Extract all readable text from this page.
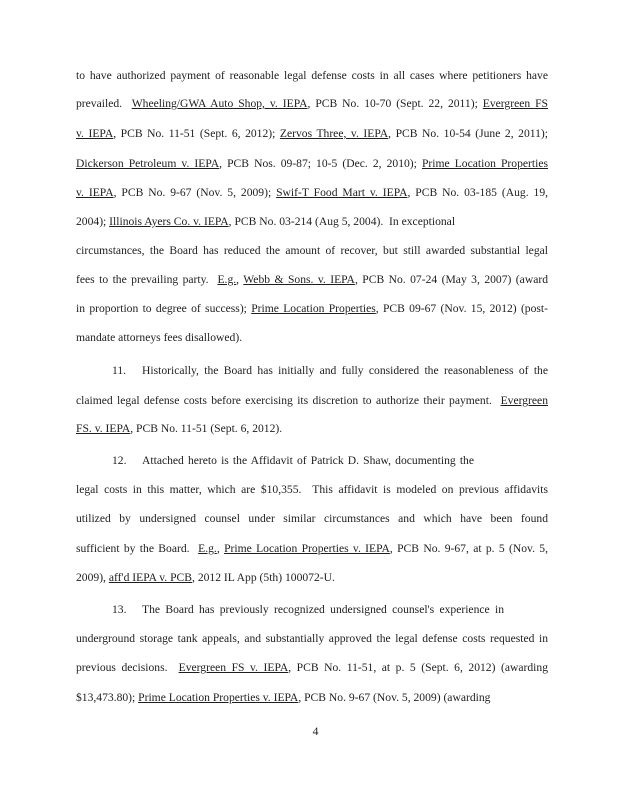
to have authorized payment of reasonable legal defense costs in all cases where petitioners have
prevailed.  Wheeling/GWA Auto Shop, v. IEPA, PCB No. 10-70 (Sept. 22, 2011); Evergreen FS
v. IEPA, PCB No. 11-51 (Sept. 6, 2012); Zervos Three, v. IEPA, PCB No. 10-54 (June 2, 2011);
Dickerson Petroleum v. IEPA, PCB Nos. 09-87; 10-5 (Dec. 2, 2010); Prime Location Properties
v. IEPA, PCB No. 9-67 (Nov. 5, 2009); Swif-T Food Mart v. IEPA, PCB No. 03-185 (Aug. 19,
2004); Illinois Ayers Co. v. IEPA, PCB No. 03-214 (Aug 5, 2004).  In exceptional
circumstances, the Board has reduced the amount of recover, but still awarded substantial legal
fees to the prevailing party.  E.g., Webb & Sons. v. IEPA, PCB No. 07-24 (May 3, 2007) (award
in proportion to degree of success); Prime Location Properties, PCB 09-67 (Nov. 15, 2012) (post-
mandate attorneys fees disallowed).
11. Historically, the Board has initially and fully considered the reasonableness of the
claimed legal defense costs before exercising its discretion to authorize their payment.  Evergreen
FS. v. IEPA, PCB No. 11-51 (Sept. 6, 2012).
12. Attached hereto is the Affidavit of Patrick D. Shaw, documenting the
legal costs in this matter, which are $10,355.  This affidavit is modeled on previous affidavits
utilized by undersigned counsel under similar circumstances and which have been found
sufficient by the Board.  E.g., Prime Location Properties v. IEPA, PCB No. 9-67, at p. 5 (Nov. 5,
2009), aff'd IEPA v. PCB, 2012 IL App (5th) 100072-U.
13. The Board has previously recognized undersigned counsel's experience in
underground storage tank appeals, and substantially approved the legal defense costs requested in
previous decisions.  Evergreen FS v. IEPA, PCB No. 11-51, at p. 5 (Sept. 6, 2012) (awarding
$13,473.80); Prime Location Properties v. IEPA, PCB No. 9-67 (Nov. 5, 2009) (awarding
4
